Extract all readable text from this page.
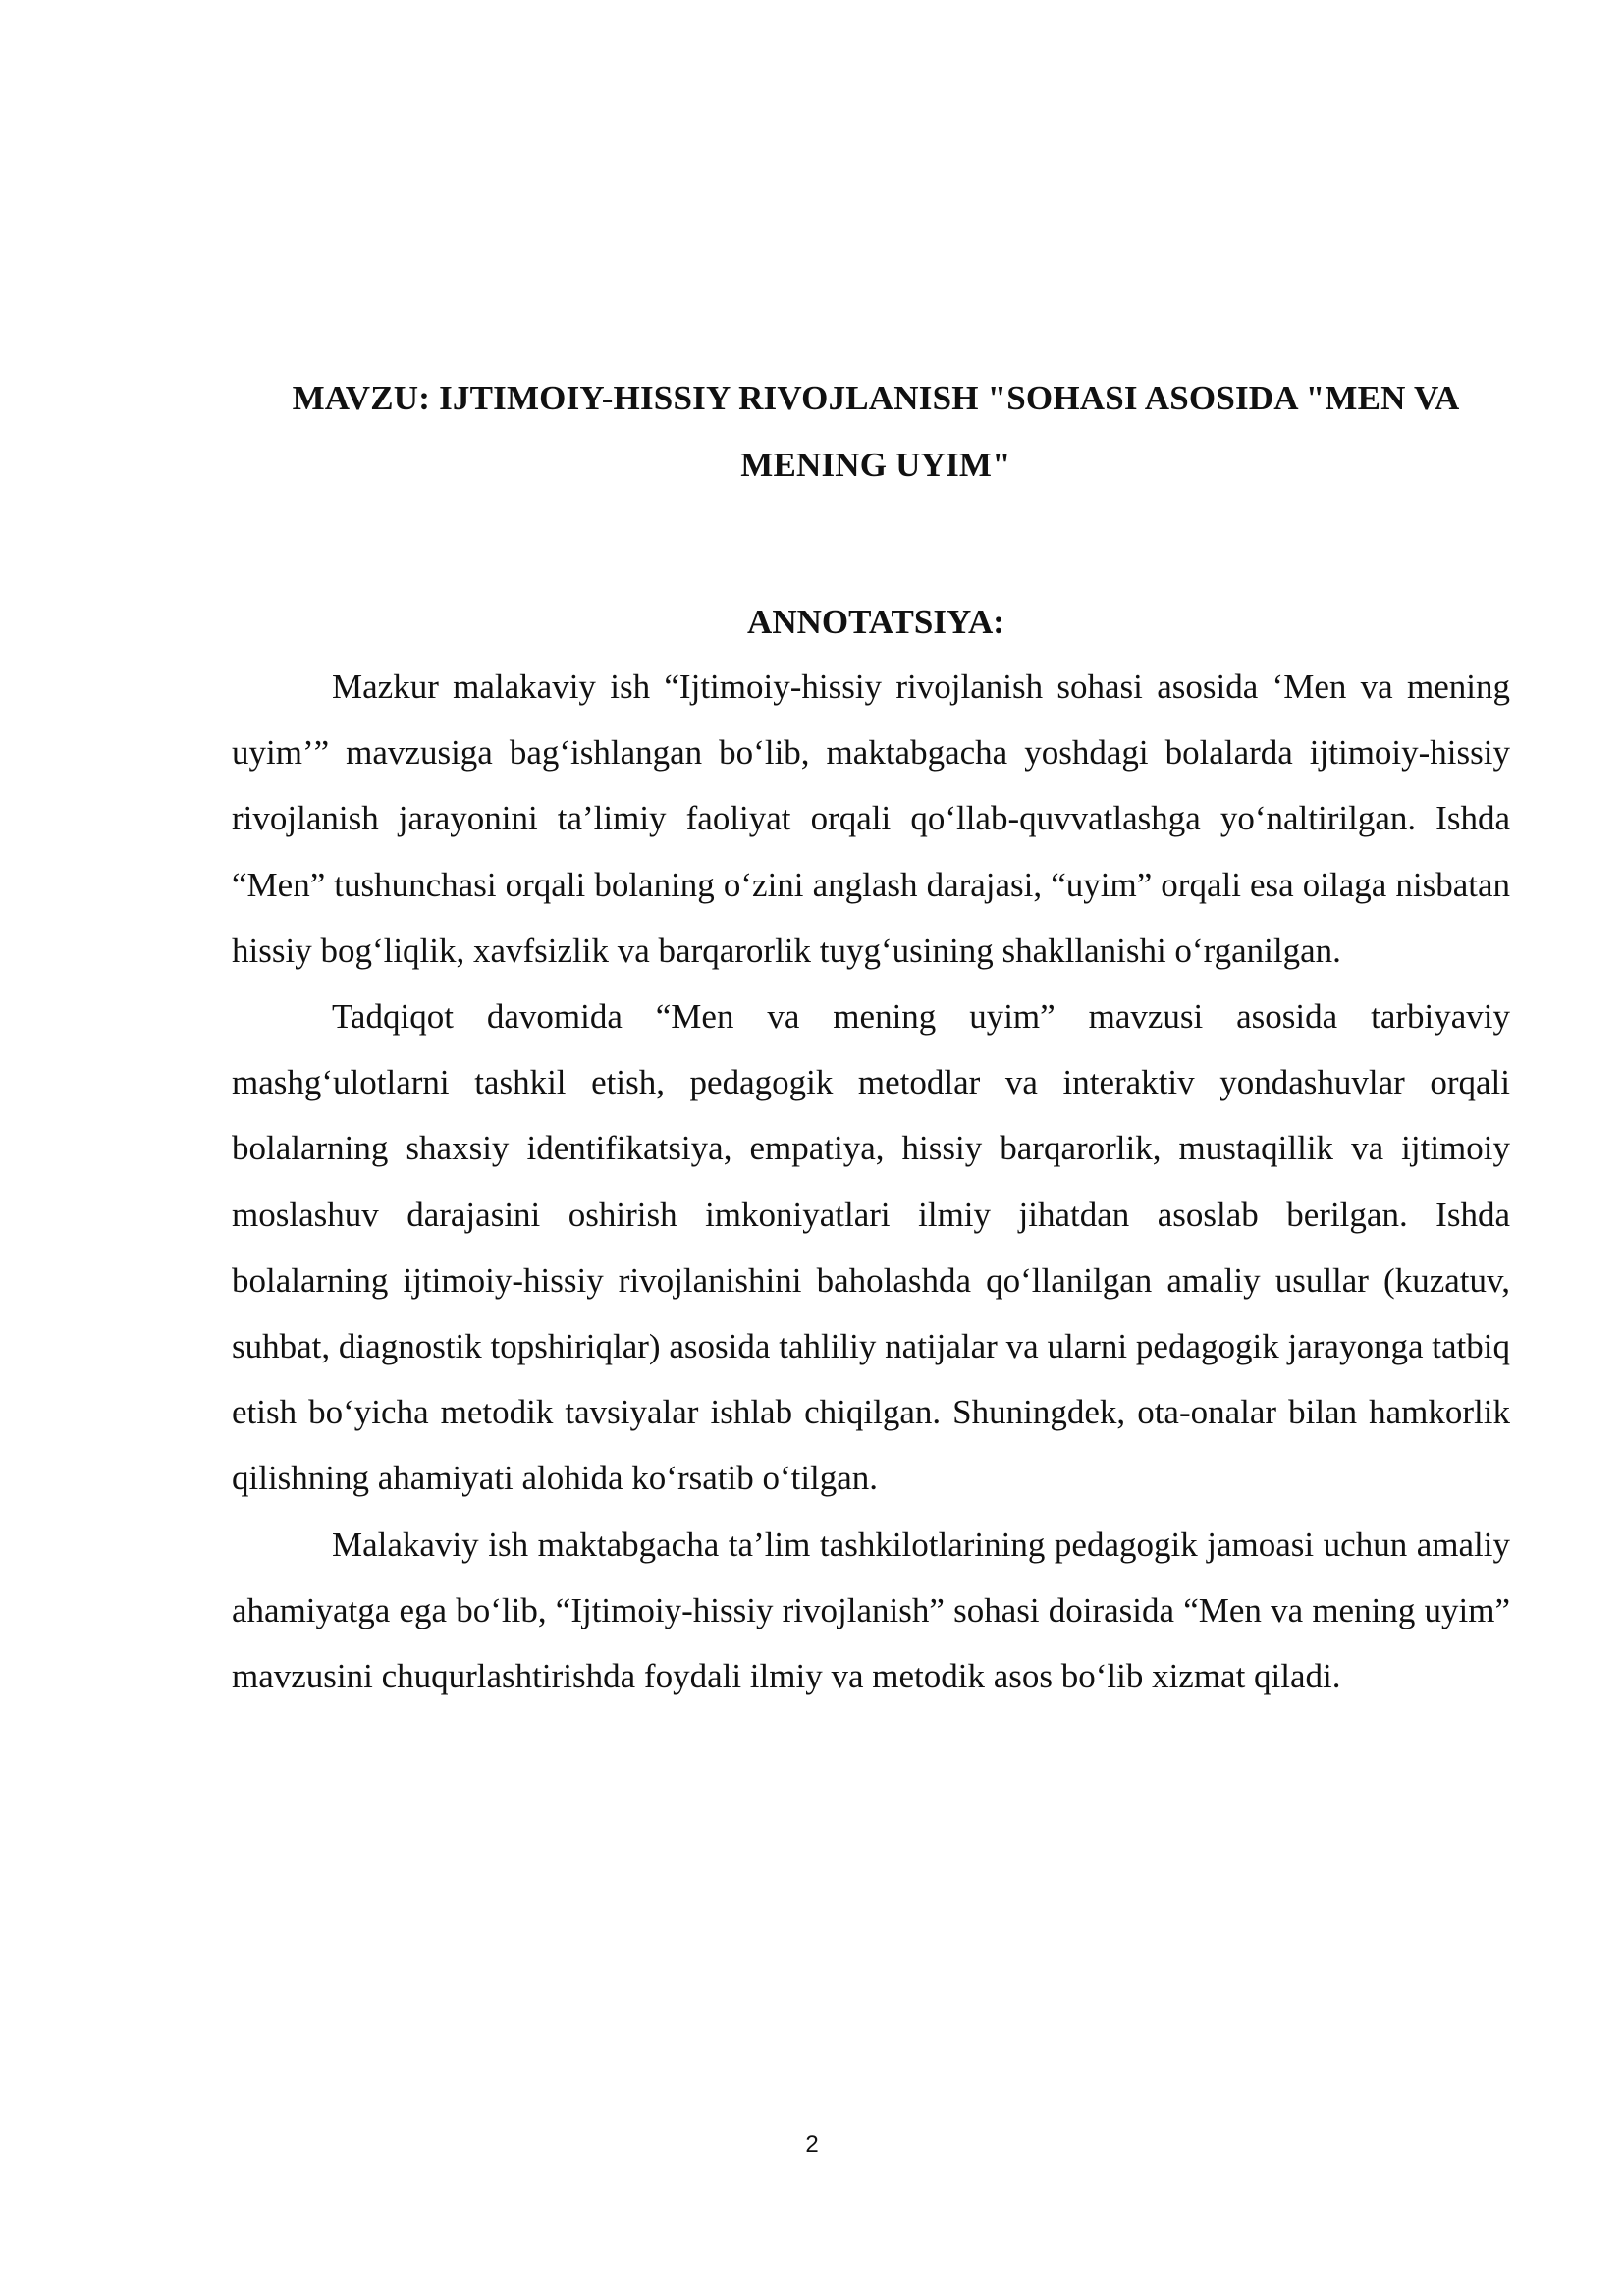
MAVZU: IJTIMOIY-HISSIY RIVOJLANISH "SOHASI ASOSIDA "MEN VA MENING UYIM"
ANNOTATSIYA:

Mazkur malakaviy ish “Ijtimoiy-hissiy rivojlanish sohasi asosida ‘Men va mening uyim’” mavzusiga bag‘ishlangan bo‘lib, maktabgacha yoshdagi bolalarda ijtimoiy-hissiy rivojlanish jarayonini ta’limiy faoliyat orqali qo‘llab-quvvatlashga yo‘naltirilgan. Ishda “Men” tushunchasi orqali bolaning o‘zini anglash darajasi, “uyim” orqali esa oilaga nisbatan hissiy bog‘liqlik, xavfsizlik va barqarorlik tuyg‘usining shakllanishi o‘rganilgan.

Tadqiqot davomida “Men va mening uyim” mavzusi asosida tarbiyaviy mashg‘ulotlarni tashkil etish, pedagogik metodlar va interaktiv yondashuvlar orqali bolalarning shaxsiy identifikatsiya, empatiya, hissiy barqarorlik, mustaqillik va ijtimoiy moslashuv darajasini oshirish imkoniyatlari ilmiy jihatdan asoslab berilgan. Ishda bolalarning ijtimoiy-hissiy rivojlanishini baholashda qo‘llanilgan amaliy usullar (kuzatuv, suhbat, diagnostik topshiriqlar) asosida tahliliy natijalar va ularni pedagogik jarayonga tatbiq etish bo‘yicha metodik tavsiyalar ishlab chiqilgan. Shuningdek, ota-onalar bilan hamkorlik qilishning ahamiyati alohida ko‘rsatib o‘tilgan.

Malakaviy ish maktabgacha ta’lim tashkilotlarining pedagogik jamoasi uchun amaliy ahamiyatga ega bo‘lib, “Ijtimoiy-hissiy rivojlanish” sohasi doirasida “Men va mening uyim” mavzusini chuqurlashtirishda foydali ilmiy va metodik asos bo‘lib xizmat qiladi.

2
